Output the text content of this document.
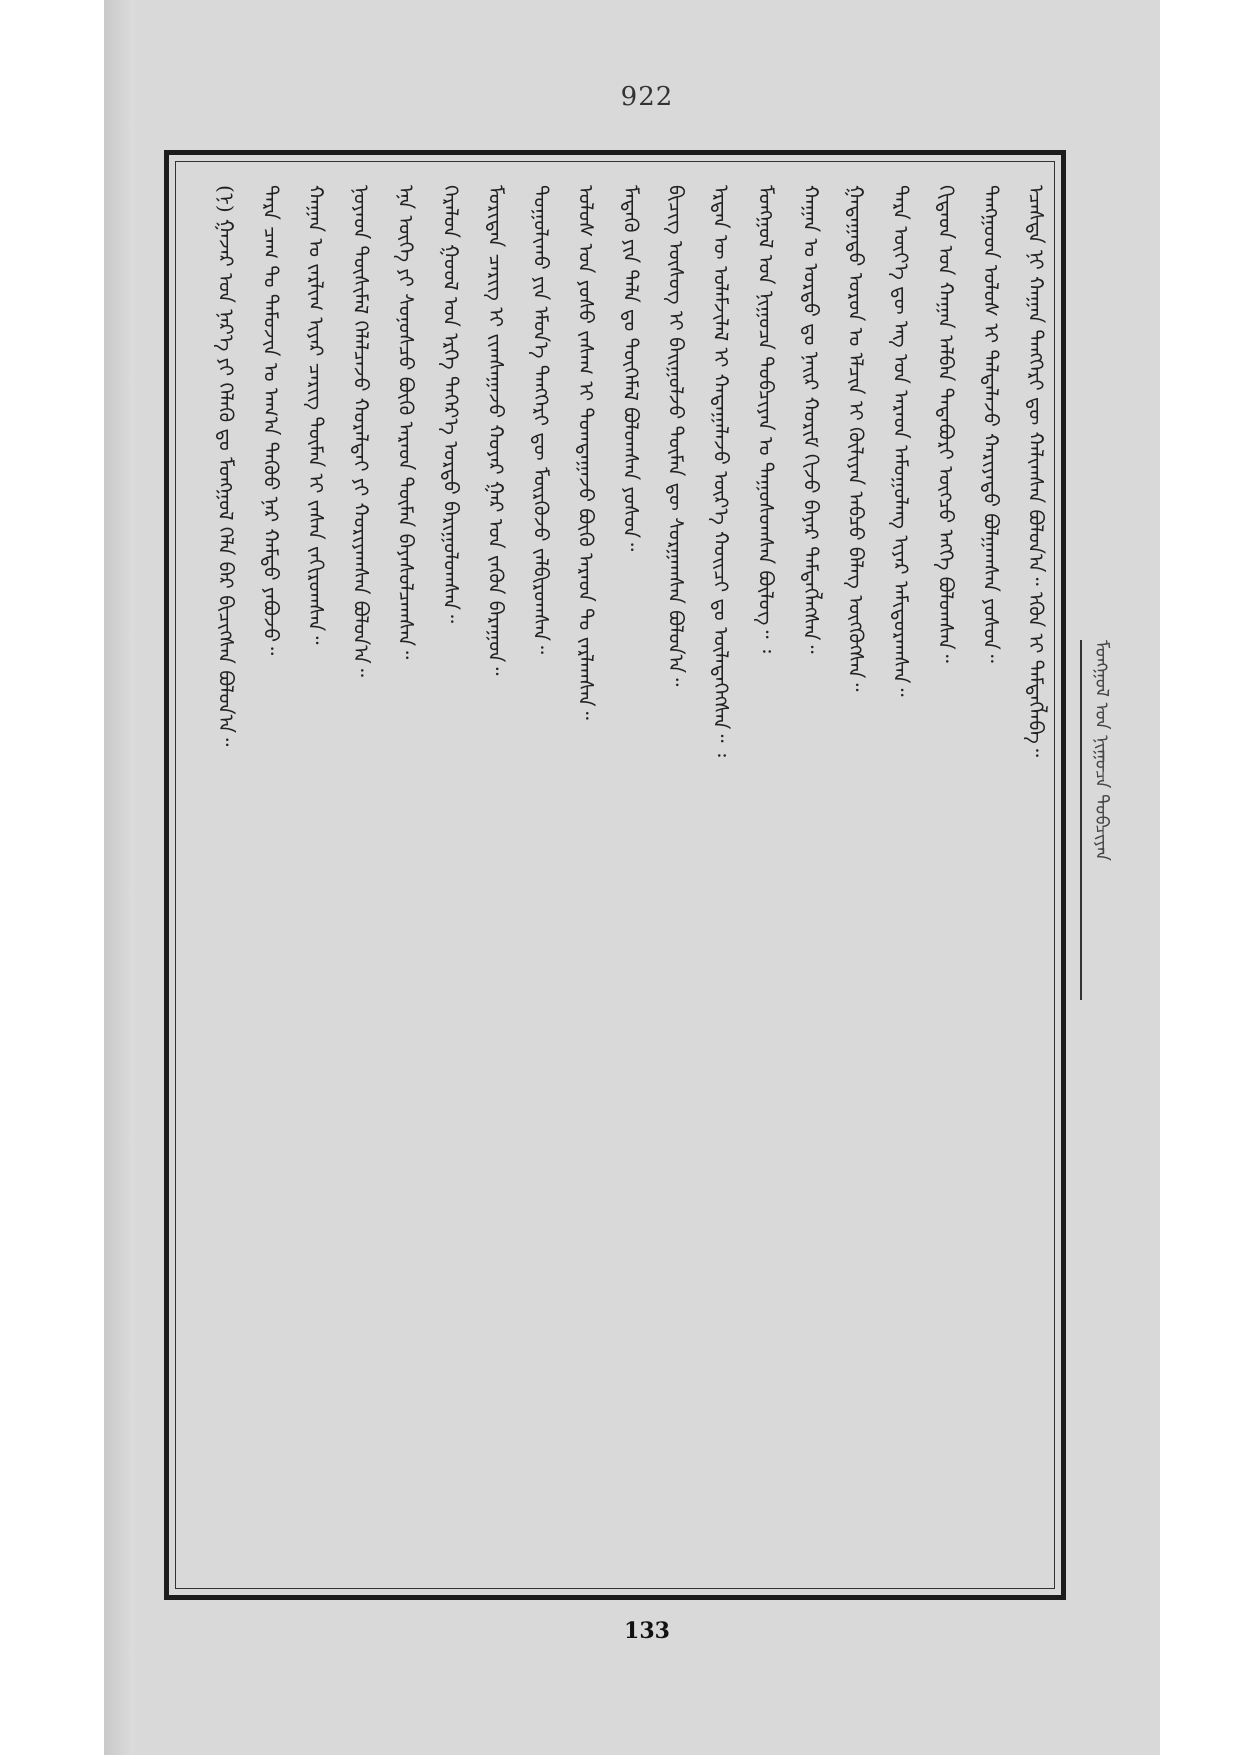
922
(ᠨ) ᠭᠠᠵᠠᠷ ᠤᠨ ᠨᠡᠷ᠎ᠡ ᠶᠢ ᠬᠡᠯᠡᠬᠦ ᠳᠤ ᠮᠣᠩᠭᠣᠯ ᠬᠡᠯᠡ ᠪᠡᠷ ᠪᠢᠴᠢᠭᠰᠡᠨ ᠪᠣᠯᠤᠨ᠎ᠠ᠃ ᠲᠡᠷᠡ ᠴᠠᠭ ᠲᠤ ᠲᠡᠮᠦᠵᠢᠨ ᠤ ᠠᠬ᠎ᠠ ᠳᠡᠭᠦᠦ ᠨᠠᠷ ᠬᠠᠮᠲᠤ ᠶᠠᠪᠤᠵᠤ᠃ ᠬᠠᠭᠠᠨ ᠤ ᠵᠠᠷᠯᠢᠭ ᠢᠶᠠᠷ ᠴᠡᠷᠢᠭ ᠲᠦᠮᠡᠨ ᠢ ᠵᠠᠰᠠᠨ ᠵᠠᠬᠢᠷᠤᠭᠰᠠᠨ᠃ ᠨᠣᠶᠠᠳ ᠲᠦᠰᠢᠮᠡᠯ ᠬᠡᠯᠡᠯᠴᠡᠵᠦ ᠬᠤᠷᠠᠯᠳᠠᠢ ᠶᠢ ᠬᠤᠷᠢᠶᠠᠭᠰᠠᠨ ᠪᠣᠯᠤᠨ᠎ᠠ᠃ ᠡᠨᠡ ᠦᠭᠡ ᠶᠢ ᠰᠣᠨᠣᠰᠴᠤ ᠪᠦᠬᠦ ᠠᠷᠠᠳ ᠲᠦᠮᠡᠨ ᠪᠠᠶᠠᠰᠤᠯᠴᠠᠭᠰᠠᠨ᠃ ᠬᠡᠷᠡᠯᠦᠨ ᠭᠣᠣᠯ ᠤᠨ ᠡᠷᠭᠡ ᠳᠡᠭᠡᠷ᠎ᠡ ᠣᠷᠳᠣ ᠪᠠᠷᠢᠭᠤᠯᠤᠭᠰᠠᠨ᠃ ᠮᠣᠷᠢᠳᠠᠨ ᠴᠡᠷᠢᠭ ᠢ ᠵᠢᠭᠰᠠᠭᠠᠵᠤ ᠬᠣᠶᠠᠷ ᠭᠠᠷ ᠤᠨ ᠵᠡᠭᠦᠨ ᠪᠠᠷᠠᠭᠤᠨ᠃ ᠲᠣᠭᠣᠯᠢᠬᠤ ᠶᠢᠨ ᠡᠮᠦᠨ᠎ᠡ ᠲᠡᠩᠭᠡᠷᠢ ᠳᠦ ᠮᠦᠷᠭᠦᠵᠦ ᠵᠠᠯᠪᠢᠷᠤᠭᠰᠠᠨ᠃ ᠤᠯᠤᠰ ᠤᠨ ᠶᠣᠰᠤ ᠵᠠᠰᠠᠭ ᠢ ᠲᠣᠭᠲᠠᠭᠠᠵᠤ ᠪᠦᠬᠦ ᠠᠷᠠᠳ ᠲᠤ ᠵᠠᠷᠯᠠᠭᠰᠠᠨ᠃ ᠮᠡᠳᠡᠬᠦ ᠶᠢᠨ ᠲᠡᠯᠡ ᠳᠤ ᠲᠦᠭᠡᠮᠡᠯ ᠪᠣᠯᠤᠭᠰᠠᠨ ᠶᠣᠰᠤᠨ᠃ ᠪᠢᠴᠢᠭ ᠦᠰᠦᠭ ᠢ ᠪᠠᠢᠭᠤᠯᠵᠤ ᠲᠦᠮᠡᠨ ᠳᠦ ᠰᠤᠷᠭᠠᠭᠰᠠᠨ ᠪᠣᠯᠤᠨ᠎ᠠ᠃ ᠡᠷᠲᠡᠨ ᠦ ᠤᠯᠠᠮᠵᠢᠯᠠᠯ ᠢ ᠬᠠᠳᠠᠭᠠᠯᠠᠵᠤ ᠦᠷ᠎ᠡ ᠬᠣᠢᠴᠢ ᠳᠤ ᠦᠯᠡᠳᠡᠭᠡᠭᠰᠡᠨ᠃ ᠄ ᠮᠣᠩᠭᠣᠯ ᠤᠨ ᠨᠢᠭᠤᠴᠠ ᠲᠣᠪᠴᠢᠶᠠᠨ ᠤ ᠳᠠᠭᠤᠰᠤᠭᠰᠠᠨ ᠪᠦᠯᠦᠭ᠃ ᠄ ᠬᠠᠭᠠᠨ ᠤ ᠣᠷᠳᠣ ᠳᠤ ᠨᠠᠢᠷ ᠬᠤᠷᠢᠮ ᠬᠢᠵᠦ ᠪᠠᠶᠠᠷ ᠲᠡᠮᠳᠡᠭᠯᠡᠭᠰᠡᠨ᠃ ᠭᠠᠳᠠᠭᠠᠳᠤ ᠣᠷᠣᠨ ᠤ ᠡᠯᠴᠢᠨ ᠢ ᠬᠦᠯᠢᠶᠡᠨ ᠠᠪᠴᠤ ᠪᠡᠯᠡᠭ ᠥᠭᠭᠦᠭᠰᠡᠨ᠃ ᠲᠡᠷᠡ ᠦᠶ᠎ᠡ ᠳᠦ ᠡᠩ ᠤᠨ ᠠᠷᠠᠳ ᠠᠮᠤᠭᠤᠯᠠᠩ ᠢᠶᠠᠷ ᠠᠮᠢᠳᠤᠷᠠᠭᠰᠠᠨ᠃ ᠬᠢᠲᠠᠳ ᠤᠨ ᠬᠠᠭᠠᠨ ᠠᠯᠪᠠᠨ ᠲᠠᠲᠠᠪᠤᠷᠢ ᠥᠭᠴᠦ ᠡᠩᠬᠡ ᠪᠣᠯᠤᠭᠰᠠᠨ᠃ ᠲᠠᠩᠭᠤᠳ ᠤᠯᠤᠰ ᠢ ᠳᠠᠯᠳᠠᠯᠠᠵᠤ ᠬᠠᠷᠢᠶᠠᠲᠤ ᠪᠣᠯᠭᠠᠭᠰᠠᠨ ᠶᠣᠰᠤᠨ᠃ ᠡᠴᠡᠰᠲᠡ ᠨᠢ ᠬᠠᠭᠠᠨ ᠲᠡᠩᠭᠡᠷᠢ ᠳᠦ ᠬᠠᠯᠢᠭᠰᠠᠨ ᠪᠣᠯᠤᠨ᠎ᠠ᠃ ᠡᠭᠦᠨ ᠢ ᠲᠡᠮᠳᠡᠭᠯᠡᠪᠡ᠃	ᠮᠣᠩᠭᠣᠯ ᠤᠨ ᠨᠢᠭᠤᠴᠠ ᠲᠣᠪᠴᠢᠶᠠᠨ
133
